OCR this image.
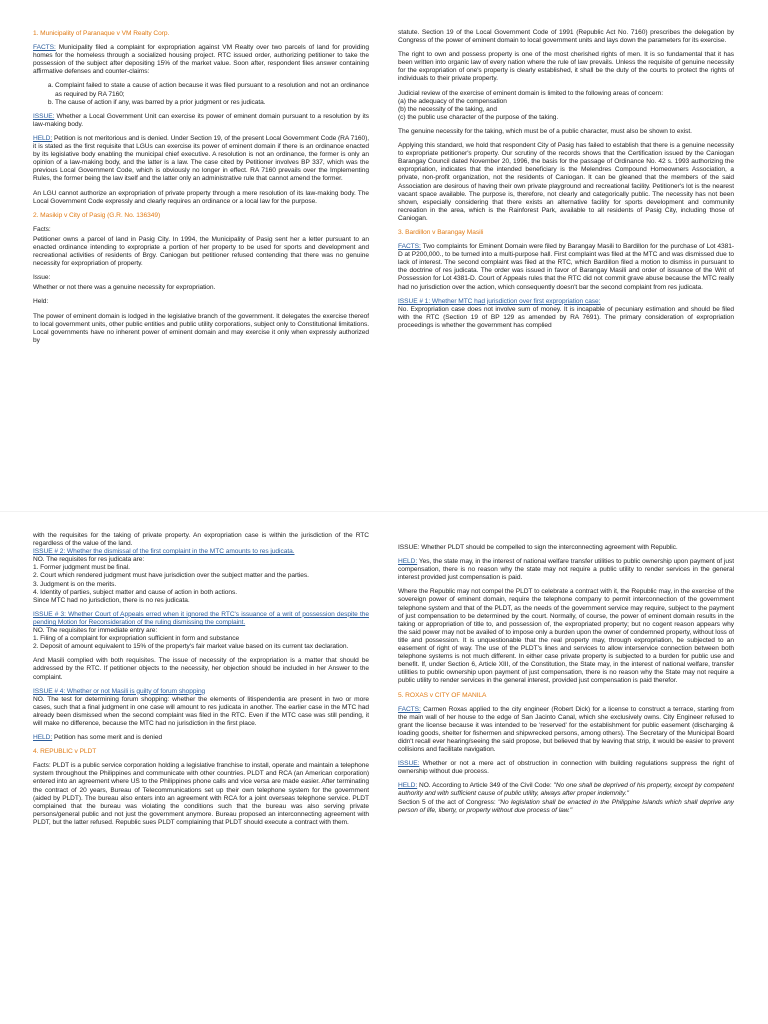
1. Municipality of Paranaque v VM Realty Corp.

FACTS: Municipality filed a complaint for expropriation against VM Realty over two parcels of land for providing homes for the homeless through a socialized housing project. RTC issued order, authorizing petitioner to take the possession of the subject after depositing 15% of the market value. Soon after, respondent files answer containing affirmative defenses and counter-claims:

a. Complaint failed to state a cause of action because it was filed pursuant to a resolution and not an ordinance as required by RA 7160;
b. The cause of action if any, was barred by a prior judgment or res judicata.

ISSUE: Whether a Local Government Unit can exercise its power of eminent domain pursuant to a resolution by its law-making body.

HELD: Petition is not meritorious and is denied. Under Section 19, of the present Local Government Code (RA 7160), it is stated as the first requisite that LGUs can exercise its power of eminent domain if there is an ordinance enacted by its legislative body enabling the municipal chief executive. A resolution is not an ordinance, the former is only an opinion of a law-making body, and the latter is a law. The case cited by Petitioner involves BP 337, which was the previous Local Government Code, which is obviously no longer in effect. RA 7160 prevails over the Implementing Rules, the former being the law itself and the latter only an administrative rule that cannot amend the former.

An LGU cannot authorize an expropriation of private property through a mere resolution of its law-making body. The Local Government Code expressly and clearly requires an ordinance or a local law for the purpose.

2. Masikip v City of Pasig (G.R. No. 136349)

Facts:

Petitioner owns a parcel of land in Pasig City. In 1994, the Municipality of Pasig sent her a letter pursuant to an enacted ordinance intending to expropriate a portion of her property to be used for sports and development and recreational activities of residents of Brgy. Caniogan but petitioner refused contending that there was no genuine necessity for expropriation of property.

Issue:

Whether or not there was a genuine necessity for expropriation.

Held:

The power of eminent domain is lodged in the legislative branch of the government. It delegates the exercise thereof to local government units, other public entities and public utility corporations, subject only to Constitutional limitations. Local governments have no inherent power of eminent domain and may exercise it only when expressly authorized by

statute. Section 19 of the Local Government Code of 1991 (Republic Act No. 7160) prescribes the delegation by Congress of the power of eminent domain to local government units and lays down the parameters for its exercise.

The right to own and possess property is one of the most cherished rights of men. It is so fundamental that it has been written into organic law of every nation where the rule of law prevails. Unless the requisite of genuine necessity for the expropriation of one's property is clearly established, it shall be the duty of the courts to protect the rights of individuals to their private property.

Judicial review of the exercise of eminent domain is limited to the following areas of concern:
(a) the adequacy of the compensation
(b) the necessity of the taking, and
(c) the public use character of the purpose of the taking.

The genuine necessity for the taking, which must be of a public character, must also be shown to exist.

Applying this standard, we hold that respondent City of Pasig has failed to establish that there is a genuine necessity to expropriate petitioner's property. Our scrutiny of the records shows that the Certification issued by the Caniogan Barangay Council dated November 20, 1996, the basis for the passage of Ordinance No. 42 s. 1993 authorizing the expropriation, indicates that the intended beneficiary is the Melendres Compound Homeowners Association, a private, non-profit organization, not the residents of Caniogan. It can be gleaned that the members of the said Association are desirous of having their own private playground and recreational facility. Petitioner's lot is the nearest vacant space available. The purpose is, therefore, not clearly and categorically public. The necessity has not been shown, especially considering that there exists an alternative facility for sports development and community recreation in the area, which is the Rainforest Park, available to all residents of Pasig City, including those of Caniogan.

3. Bardillon v Barangay Masili

FACTS: Two complaints for Eminent Domain were filed by Barangay Masili to Bardillon for the purchase of Lot 4381-D at P200,000., to be turned into a multi-purpose hall. First complaint was filed at the MTC and was dismissed due to lack of interest. The second complaint was filed at the RTC, which Bardillon filed a motion to dismiss in pursuant to the doctrine of res judicata. The order was issued in favor of Barangay Masili and order of issuance of the Writ of Possession for Lot 4381-D. Court of Appeals rules that the RTC did not commit grave abuse because the MTC really had no jurisdiction over the action, which consequently doesn't bar the second complaint from res judicata.

ISSUE # 1: Whether MTC had jurisdiction over first expropriation case:
No. Expropriation case does not involve sum of money. It is incapable of pecuniary estimation and should be filed with the RTC (Section 19 of BP 129 as amended by RA 7691). The primary consideration of expropriation proceedings is whether the government has complied

with the requisites for the taking of private property. An expropriation case is within the jurisdiction of the RTC regardless of the value of the land.
ISSUE # 2: Whether the dismissal of the first complaint in the MTC amounts to res judicata.

NO. The requisites for res judicata are:
1. Former judgment must be final.
2. Court which rendered judgment must have jurisdiction over the subject matter and the parties.
3. Judgment is on the merits.
4. Identity of parties, subject matter and cause of action in both actions.
Since MTC had no jurisdiction, there is no res judicata.

ISSUE # 3: Whether Court of Appeals erred when it ignored the RTC's issuance of a writ of possession despite the pending Motion for Reconsideration of the ruling dismissing the complaint.
NO. The requisites for immediate entry are:
1. Filing of a complaint for expropriation sufficient in form and substance
2. Deposit of amount equivalent to 15% of the property's fair market value based on its current tax declaration.

And Masili complied with both requisites. The issue of necessity of the expropriation is a matter that should be addressed by the RTC. If petitioner objects to the necessity, her objection should be included in her Answer to the complaint.

ISSUE # 4: Whether or not Masili is guilty of forum shopping
NO. The test for determining forum shopping: whether the elements of litispendentia are present in two or more cases, such that a final judgment in one case will amount to res judicata in another. The earlier case in the MTC had already been dismissed when the second complaint was filed in the RTC. Even if the MTC case was still pending, it will make no difference, because the MTC had no jurisdiction in the first place.

HELD: Petition has some merit and is denied

4. REPUBLIC v PLDT

Facts: PLDT is a public service corporation holding a legislative franchise to install, operate and maintain a telephone system throughout the Philippines and communicate with other countries. PLDT and RCA (an American corporation) entered into an agreement where US to the Philippines phone calls and vice versa are made easier. After terminating the contract of 20 years, Bureau of Telecommunications set up their own telephone system for the government (aided by PLDT). The bureau also enters into an agreement with RCA for a joint overseas telephone service. PLDT complained that the bureau was violating the conditions such that the bureau was also serving private persons/general public and not just the government anymore. Bureau proposed an interconnecting agreement with PLDT, but the latter refused. Republic sues PLDT complaining that PLDT should execute a contract with them.

ISSUE: Whether PLDT should be compelled to sign the interconnecting agreement with Republic.

HELD: Yes, the state may, in the interest of national welfare transfer utilities to public ownership upon payment of just compensation, there is no reason why the state may not require a public utility to render services in the general interest provided just compensation is paid.

Where the Republic may not compel the PLDT to celebrate a contract with it, the Republic may, in the exercise of the sovereign power of eminent domain, require the telephone company to permit interconnection of the government telephone system and that of the PLDT, as the needs of the government service may require, subject to the payment of just compensation to be determined by the court. Normally, of course, the power of eminent domain results in the taking or appropriation of title to, and possession of, the expropriated property; but no cogent reason appears why the said power may not be availed of to impose only a burden upon the owner of condemned property, without loss of title and possession. It is unquestionable that the real property may, through expropriation, be subjected to an easement of right of way. The use of the PLDT's lines and services to allow interservice connection between both telephone systems is not much different. In either case private property is subjected to a burden for public use and benefit. If, under Section 6, Article XIII, of the Constitution, the State may, in the interest of national welfare, transfer utilities to public ownership upon payment of just compensation, there is no reason why the State may not require a public utility to render services in the general interest, provided just compensation is paid therefor.

5. ROXAS v CITY OF MANILA

FACTS: Carmen Roxas applied to the city engineer (Robert Dick) for a license to construct a terrace, starting from the main wall of her house to the edge of San Jacinto Canal, which she exclusively owns. City Engineer refused to grant the license because it was intended to be 'reserved' for the establishment for public easement (discharging & loading goods, shelter for fishermen and shipwrecked persons, among others). The Secretary of the Municipal Board didn't recall ever hearing/seeing the said propose, but believed that by leaving that strip, it would be easier to prevent collisions and facilitate navigation.

ISSUE: Whether or not a mere act of obstruction in connection with building regulations suppress the right of ownership without due process.

HELD: NO. According to Article 349 of the Civil Code: "No one shall be deprived of his property, except by competent authority and with sufficient cause of public utility, always after proper indemnity."
Section 5 of the act of Congress: "No legislation shall be enacted in the Philippine Islands which shall deprive any person of life, liberty, or property without due process of law."
